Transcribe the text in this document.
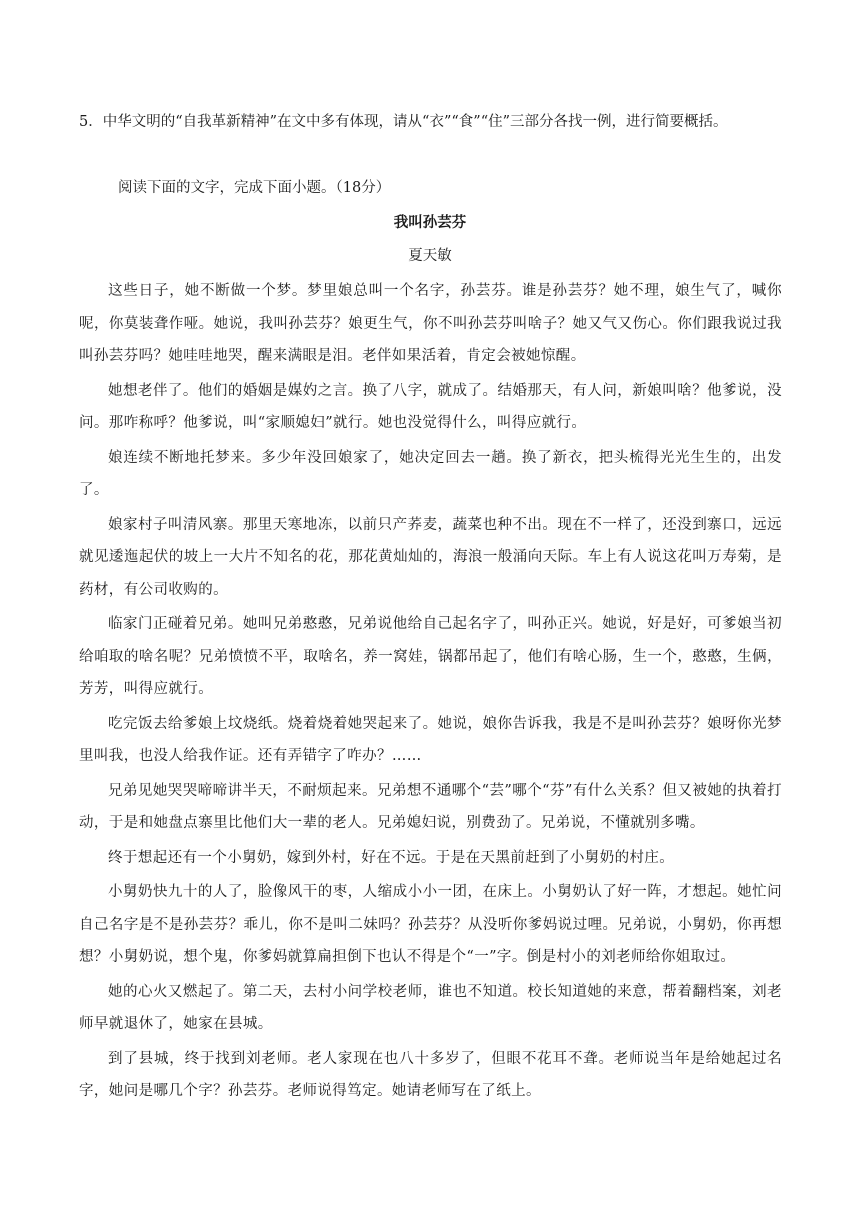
5．中华文明的“自我革新精神”在文中多有体现，请从“衣”“食”“住”三部分各找一例，进行简要概括。
阅读下面的文字，完成下面小题。（18分）
我叫孙芸芬
夏天敏

这些日子，她不断做一个梦。梦里娘总叫一个名字，孙芸芬。谁是孙芸芬？她不理，娘生气了，喊你呢，你莫装聋作哑。她说，我叫孙芸芬？娘更生气，你不叫孙芸芬叫啥子？她又气又伤心。你们跟我说过我叫孙芸芬吗？她哇哇地哭，醒来满眼是泪。老伴如果活着，肯定会被她惊醒。

她想老伴了。他们的婚姻是媒妁之言。换了八字，就成了。结婚那天，有人问，新娘叫啥？他爹说，没问。那咋称呼？他爹说，叫“家顺媳妇”就行。她也没觉得什么，叫得应就行。

娘连续不断地托梦来。多少年没回娘家了，她决定回去一趟。换了新衣，把头梳得光光生生的，出发了。

娘家村子叫清风寨。那里天寒地冻，以前只产荞麦，蔬菜也种不出。现在不一样了，还没到寨口，远远就见逶迤起伏的坡上一大片不知名的花，那花黄灿灿的，海浪一般涌向天际。车上有人说这花叫万寿菊，是药材，有公司收购的。

临家门正碰着兄弟。她叫兄弟憨憨，兄弟说他给自己起名字了，叫孙正兴。她说，好是好，可爹娘当初给咱取的啥名呢？兄弟愤愤不平，取啥名，养一窝娃，锅都吊起了，他们有啥心肠，生一个，憨憨，生俩，芳芳，叫得应就行。

吃完饭去给爹娘上坟烧纸。烧着烧着她哭起来了。她说，娘你告诉我，我是不是叫孙芸芬？娘呀你光梦里叫我，也没人给我作证。还有弄错字了咋办？……

兄弟见她哭哭啼啼讲半天，不耐烦起来。兄弟想不通哪个“芸”哪个“芬”有什么关系？但又被她的执着打动，于是和她盘点寨里比他们大一辈的老人。兄弟媳妇说，别费劲了。兄弟说，不懂就别多嘴。

终于想起还有一个小舅奶，嫁到外村，好在不远。于是在天黑前赶到了小舅奶的村庄。

小舅奶快九十的人了，脸像风干的枣，人缩成小小一团，在床上。小舅奶认了好一阵，才想起。她忙问自己名字是不是孙芸芬？乖儿，你不是叫二妹吗？孙芸芬？从没听你爹妈说过哩。兄弟说，小舅奶，你再想想？小舅奶说，想个鬼，你爹妈就算扁担倒下也认不得是个“一”字。倒是村小的刘老师给你姐取过。

她的心火又燃起了。第二天，去村小问学校老师，谁也不知道。校长知道她的来意，帮着翻档案，刘老师早就退休了，她家在县城。

到了县城，终于找到刘老师。老人家现在也八十多岁了，但眼不花耳不聋。老师说当年是给她起过名字，她问是哪几个字？孙芸芬。老师说得笃定。她请老师写在了纸上。
